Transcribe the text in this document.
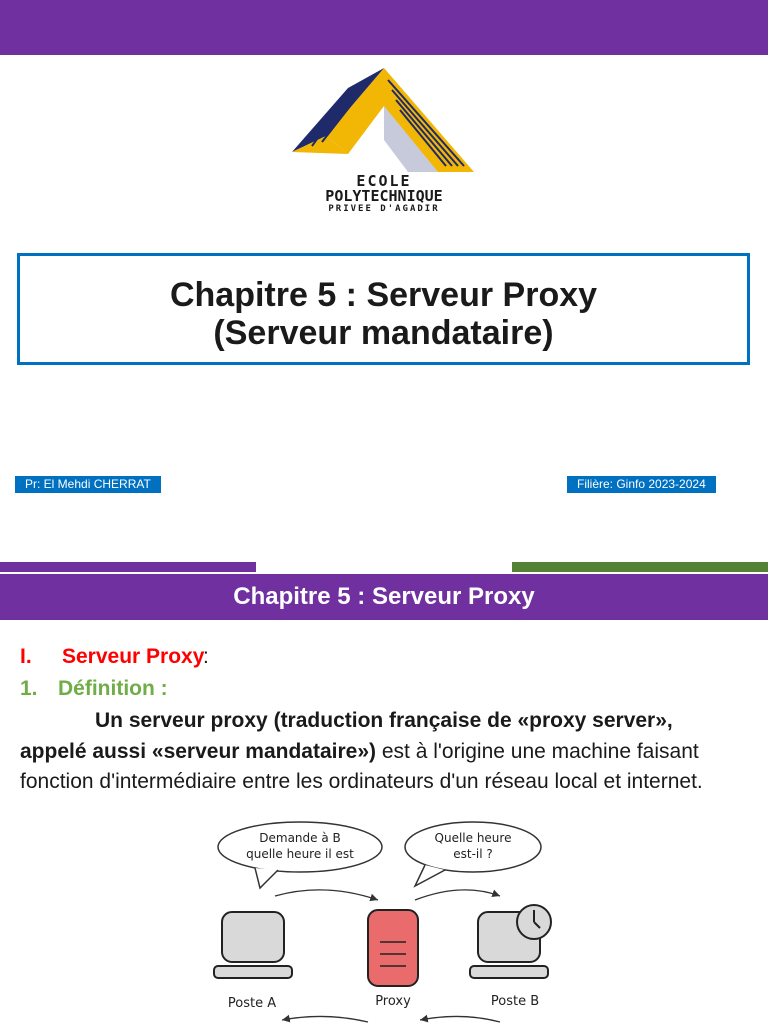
ECOLE
POLYTECHNIQUE
PRIVEE D'AGADIR
Chapitre 5 : Serveur Proxy
(Serveur mandataire)
Pr: El Mehdi CHERRAT	Filière: Ginfo 2023-2024
Chapitre 5 : Serveur Proxy
I. Serveur Proxy
:
1. Définition :
Un serveur proxy (traduction française de «proxy server»,
appelé aussi «serveur mandataire») est à l'origine une machine faisant
fonction d'intermédiaire entre les ordinateurs d'un réseau local et internet.
Demande à B
quelle heure il est
Quelle heure
est-il ?
Poste A	Proxy	Poste B
